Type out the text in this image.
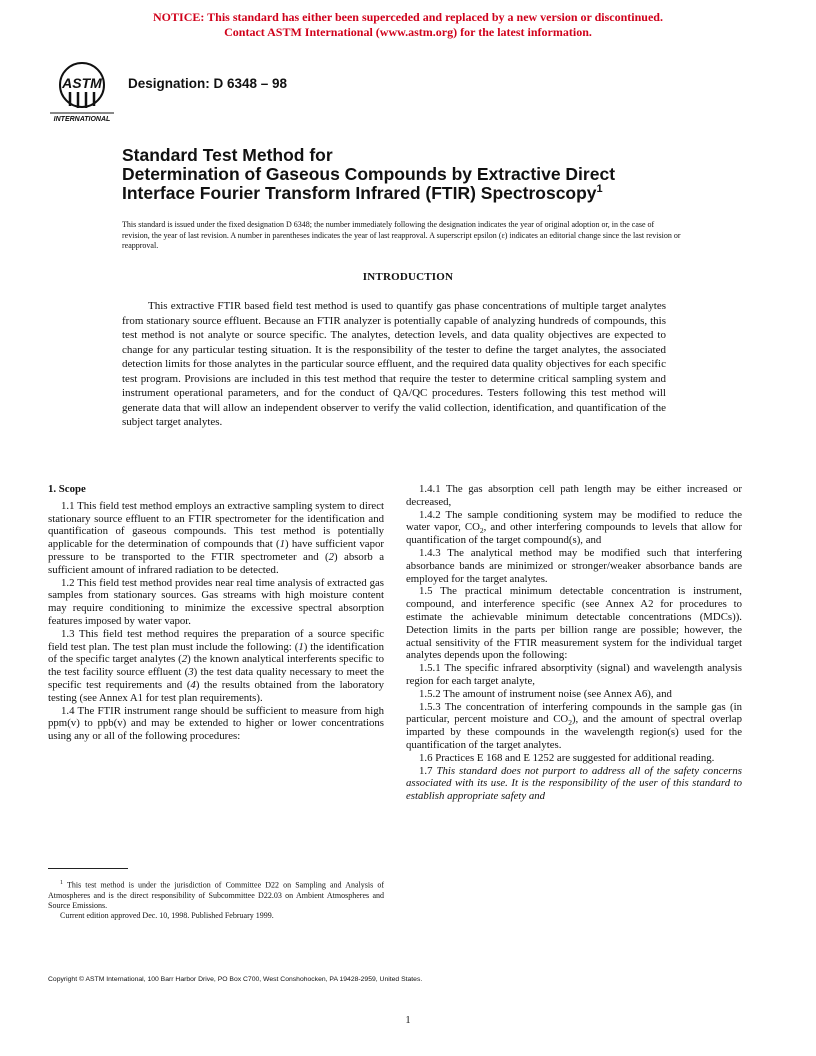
NOTICE: This standard has either been superceded and replaced by a new version or discontinued.
Contact ASTM International (www.astm.org) for the latest information.
ASTM
INTERNATIONAL
Designation: D 6348 – 98
Standard Test Method for
Determination of Gaseous Compounds by Extractive Direct
Interface Fourier Transform Infrared (FTIR) Spectroscopy$^1$
This standard is issued under the fixed designation D 6348; the number immediately following the designation indicates the year of original adoption or, in the case of revision, the year of last revision. A number in parentheses indicates the year of last reapproval. A superscript epsilon (ε) indicates an editorial change since the last revision or reapproval.
INTRODUCTION

This extractive FTIR based field test method is used to quantify gas phase concentrations of multiple target analytes from stationary source effluent. Because an FTIR analyzer is potentially capable of analyzing hundreds of compounds, this test method is not analyte or source specific. The analytes, detection levels, and data quality objectives are expected to change for any particular testing situation. It is the responsibility of the tester to define the target analytes, the associated detection limits for those analytes in the particular source effluent, and the required data quality objectives for each specific test program. Provisions are included in this test method that require the tester to determine critical sampling system and instrument operational parameters, and for the conduct of QA/QC procedures. Testers following this test method will generate data that will allow an independent observer to verify the valid collection, identification, and quantification of the subject target analytes.

1. Scope

1.1 This field test method employs an extractive sampling system to direct stationary source effluent to an FTIR spectrometer for the identification and quantification of gaseous compounds. This test method is potentially applicable for the determination of compounds that (1) have sufficient vapor pressure to be transported to the FTIR spectrometer and (2) absorb a sufficient amount of infrared radiation to be detected.

1.2 This field test method provides near real time analysis of extracted gas samples from stationary sources. Gas streams with high moisture content may require conditioning to minimize the excessive spectral absorption features imposed by water vapor.

1.3 This field test method requires the preparation of a source specific field test plan. The test plan must include the following: (1) the identification of the specific target analytes (2) the known analytical interferents specific to the test facility source effluent (3) the test data quality necessary to meet the specific test requirements and (4) the results obtained from the laboratory testing (see Annex A1 for test plan requirements).

1.4 The FTIR instrument range should be sufficient to measure from high ppm(v) to ppb(v) and may be extended to higher or lower concentrations using any or all of the following procedures:

1.4.1 The gas absorption cell path length may be either increased or decreased,

1.4.2 The sample conditioning system may be modified to reduce the water vapor, $CO_2$, and other interfering compounds to levels that allow for quantification of the target compound(s), and

1.4.3 The analytical method may be modified such that interfering absorbance bands are minimized or stronger/weaker absorbance bands are employed for the target analytes.

1.5 The practical minimum detectable concentration is instrument, compound, and interference specific (see Annex A2 for procedures to estimate the achievable minimum detectable concentrations (MDCs)). Detection limits in the parts per billion range are possible; however, the actual sensitivity of the FTIR measurement system for the individual target analytes depends upon the following:

1.5.1 The specific infrared absorptivity (signal) and wavelength analysis region for each target analyte,

1.5.2 The amount of instrument noise (see Annex A6), and

1.5.3 The concentration of interfering compounds in the sample gas (in particular, percent moisture and $CO_2$), and the amount of spectral overlap imparted by these compounds in the wavelength region(s) used for the quantification of the target analytes.

1.6 Practices E 168 and E 1252 are suggested for additional reading.

1.7 This standard does not purport to address all of the safety concerns associated with its use. It is the responsibility of the user of this standard to establish appropriate safety and

$^1$ This test method is under the jurisdiction of Committee D22 on Sampling and Analysis of Atmospheres and is the direct responsibility of Subcommittee D22.03 on Ambient Atmospheres and Source Emissions.

Current edition approved Dec. 10, 1998. Published February 1999.

Copyright © ASTM International, 100 Barr Harbor Drive, PO Box C700, West Conshohocken, PA 19428-2959, United States.
1
